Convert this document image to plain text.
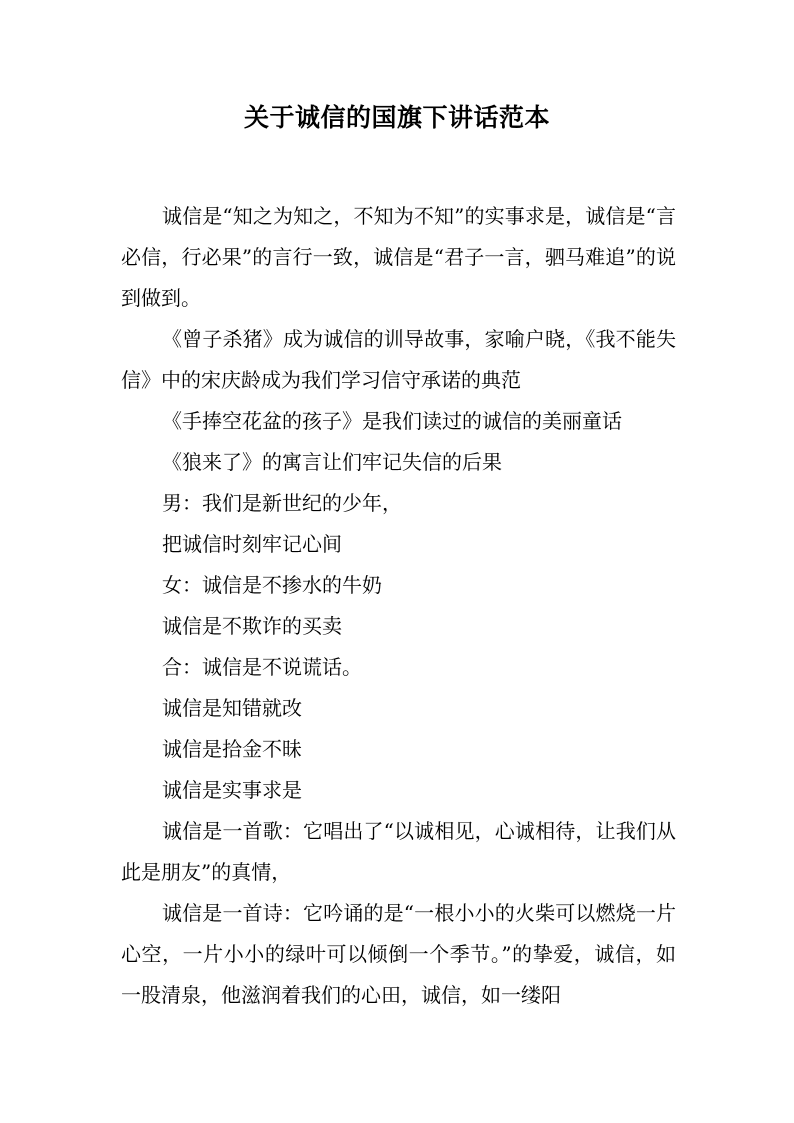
关于诚信的国旗下讲话范本

诚信是“知之为知之，不知为不知”的实事求是，诚信是“言必信，行必果”的言行一致，诚信是“君子一言，驷马难追”的说到做到。

《曾子杀猪》成为诚信的训导故事，家喻户晓，《我不能失信》中的宋庆龄成为我们学习信守承诺的典范

《手捧空花盆的孩子》是我们读过的诚信的美丽童话

《狼来了》的寓言让们牢记失信的后果

男：我们是新世纪的少年，

把诚信时刻牢记心间

女：诚信是不掺水的牛奶

诚信是不欺诈的买卖

合：诚信是不说谎话。

诚信是知错就改

诚信是拾金不昧

诚信是实事求是

诚信是一首歌：它唱出了“以诚相见，心诚相待，让我们从此是朋友”的真情，

诚信是一首诗：它吟诵的是“一根小小的火柴可以燃烧一片心空，一片小小的绿叶可以倾倒一个季节。”的挚爱，诚信，如一股清泉，他滋润着我们的心田，诚信，如一缕阳
